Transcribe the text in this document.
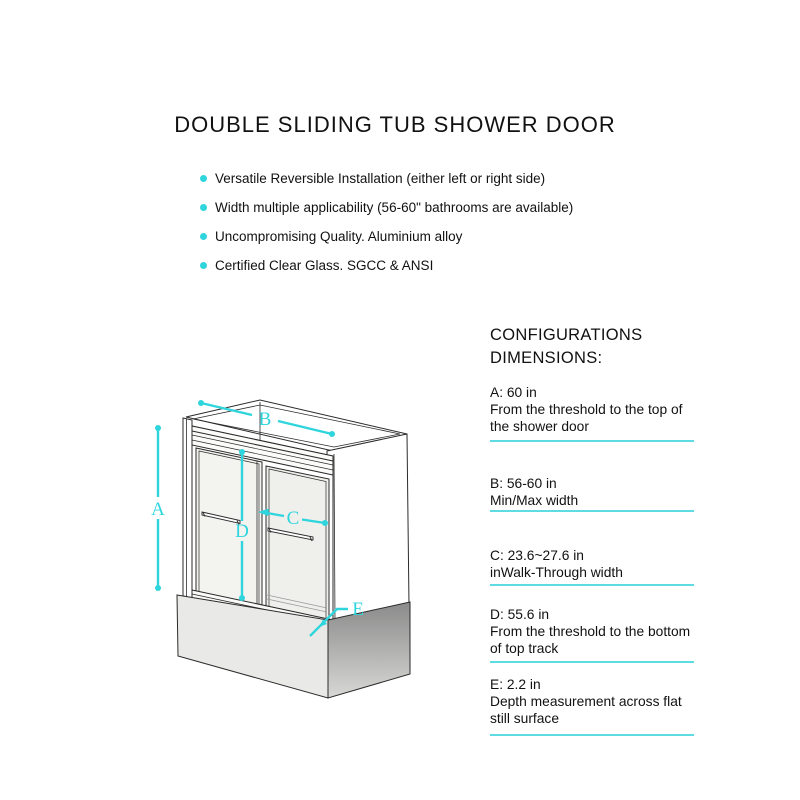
DOUBLE SLIDING TUB SHOWER DOOR
Versatile Reversible Installation (either left or right side)
Width multiple applicability (56-60" bathrooms are available)
Uncompromising Quality. Aluminium alloy
Certified Clear Glass. SGCC & ANSI
A
B
C
D
E
CONFIGURATIONS
DIMENSIONS:
A: 60 in
From the threshold to the top of
the shower door
B: 56-60 in
Min/Max width
C: 23.6~27.6 in
inWalk-Through width
D: 55.6 in
From the threshold to the bottom
of top track
E: 2.2 in
Depth measurement across flat
still surface
